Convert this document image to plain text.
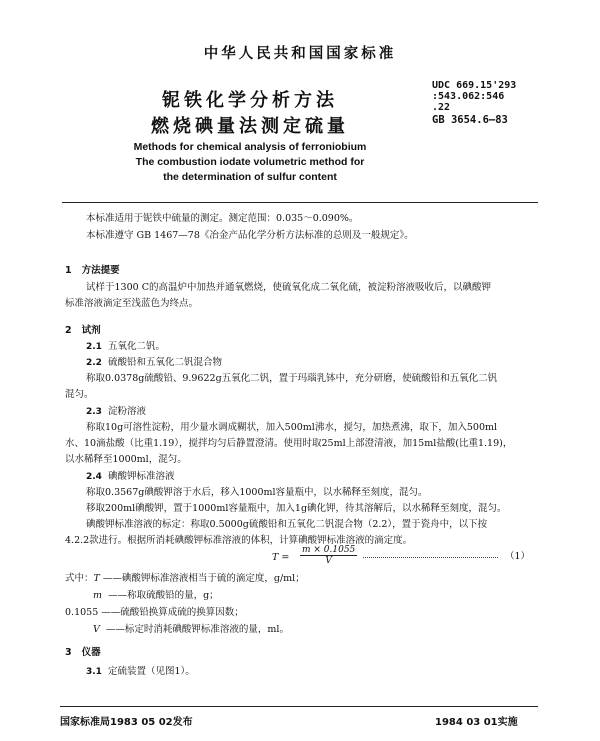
中华人民共和国国家标准
铌铁化学分析方法
燃烧碘量法测定硫量
UDC 669.15'293
:543.062:546
.22
GB 3654.6—83
Methods for chemical analysis of ferroniobium
The combustion iodate volumetric method for
the determination of sulfur content
本标准适用于铌铁中硫量的测定。测定范围：0.035～0.090%。
本标准遵守 GB 1467—78《冶金产品化学分析方法标准的总则及一般规定》。
1 方法提要
试样于1300 C的高温炉中加热并通氧燃烧，使硫氧化成二氧化硫，被淀粉溶液吸收后，以碘酸钾
标准溶液滴定至浅蓝色为终点。
2 试剂
2.1 五氧化二钒。
2.2 硫酸铅和五氧化二钒混合物
称取0.0378g硫酸铅、9.9622g五氧化二钒，置于玛瑙乳钵中，充分研磨，使硫酸铅和五氧化二钒
混匀。
2.3 淀粉溶液
称取10g可溶性淀粉，用少量水调成糊状，加入500ml沸水，搅匀，加热煮沸，取下，加入500ml
水、10滴盐酸（比重1.19），搅拌均匀后静置澄清。使用时取25ml上部澄清液，加15ml盐酸(比重1.19)，
以水稀释至1000ml，混匀。
2.4 碘酸钾标准溶液
称取0.3567g碘酸钾溶于水后，移入1000ml容量瓶中，以水稀释至刻度，混匀。
移取200ml碘酸钾，置于1000ml容量瓶中，加入1g碘化钾，待其溶解后，以水稀释至刻度，混匀。
碘酸钾标准溶液的标定：称取0.5000g硫酸铅和五氧化二钒混合物（2.2），置于瓷舟中，以下按
4.2.2款进行。根据所消耗碘酸钾标准溶液的体积，计算碘酸钾标准溶液的滴定度。
$T = \frac{m \times 0.1055}{V}$	（1）
式中：T ——碘酸钾标准溶液相当于硫的滴定度，g/ml；
m ——称取硫酸铅的量，g；
0.1055 ——硫酸铅换算成硫的换算因数；
V ——标定时消耗碘酸钾标准溶液的量，ml。
3 仪器
3.1 定硫装置（见图1）。
国家标准局1983 05 02发布	1984 03 01实施
